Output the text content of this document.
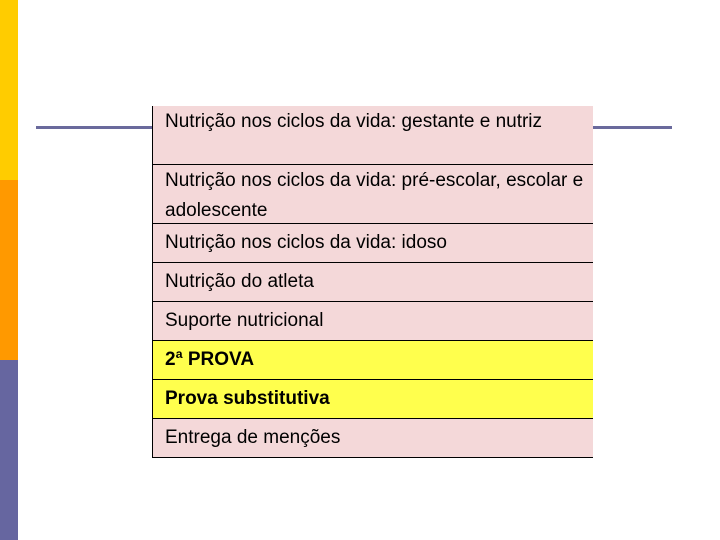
Nutrição nos ciclos da vida: gestante e nutriz
Nutrição nos ciclos da vida: pré-escolar, escolar e adolescente
Nutrição nos ciclos da vida: idoso
Nutrição do atleta
Suporte nutricional
2ª PROVA
Prova substitutiva
Entrega de menções
